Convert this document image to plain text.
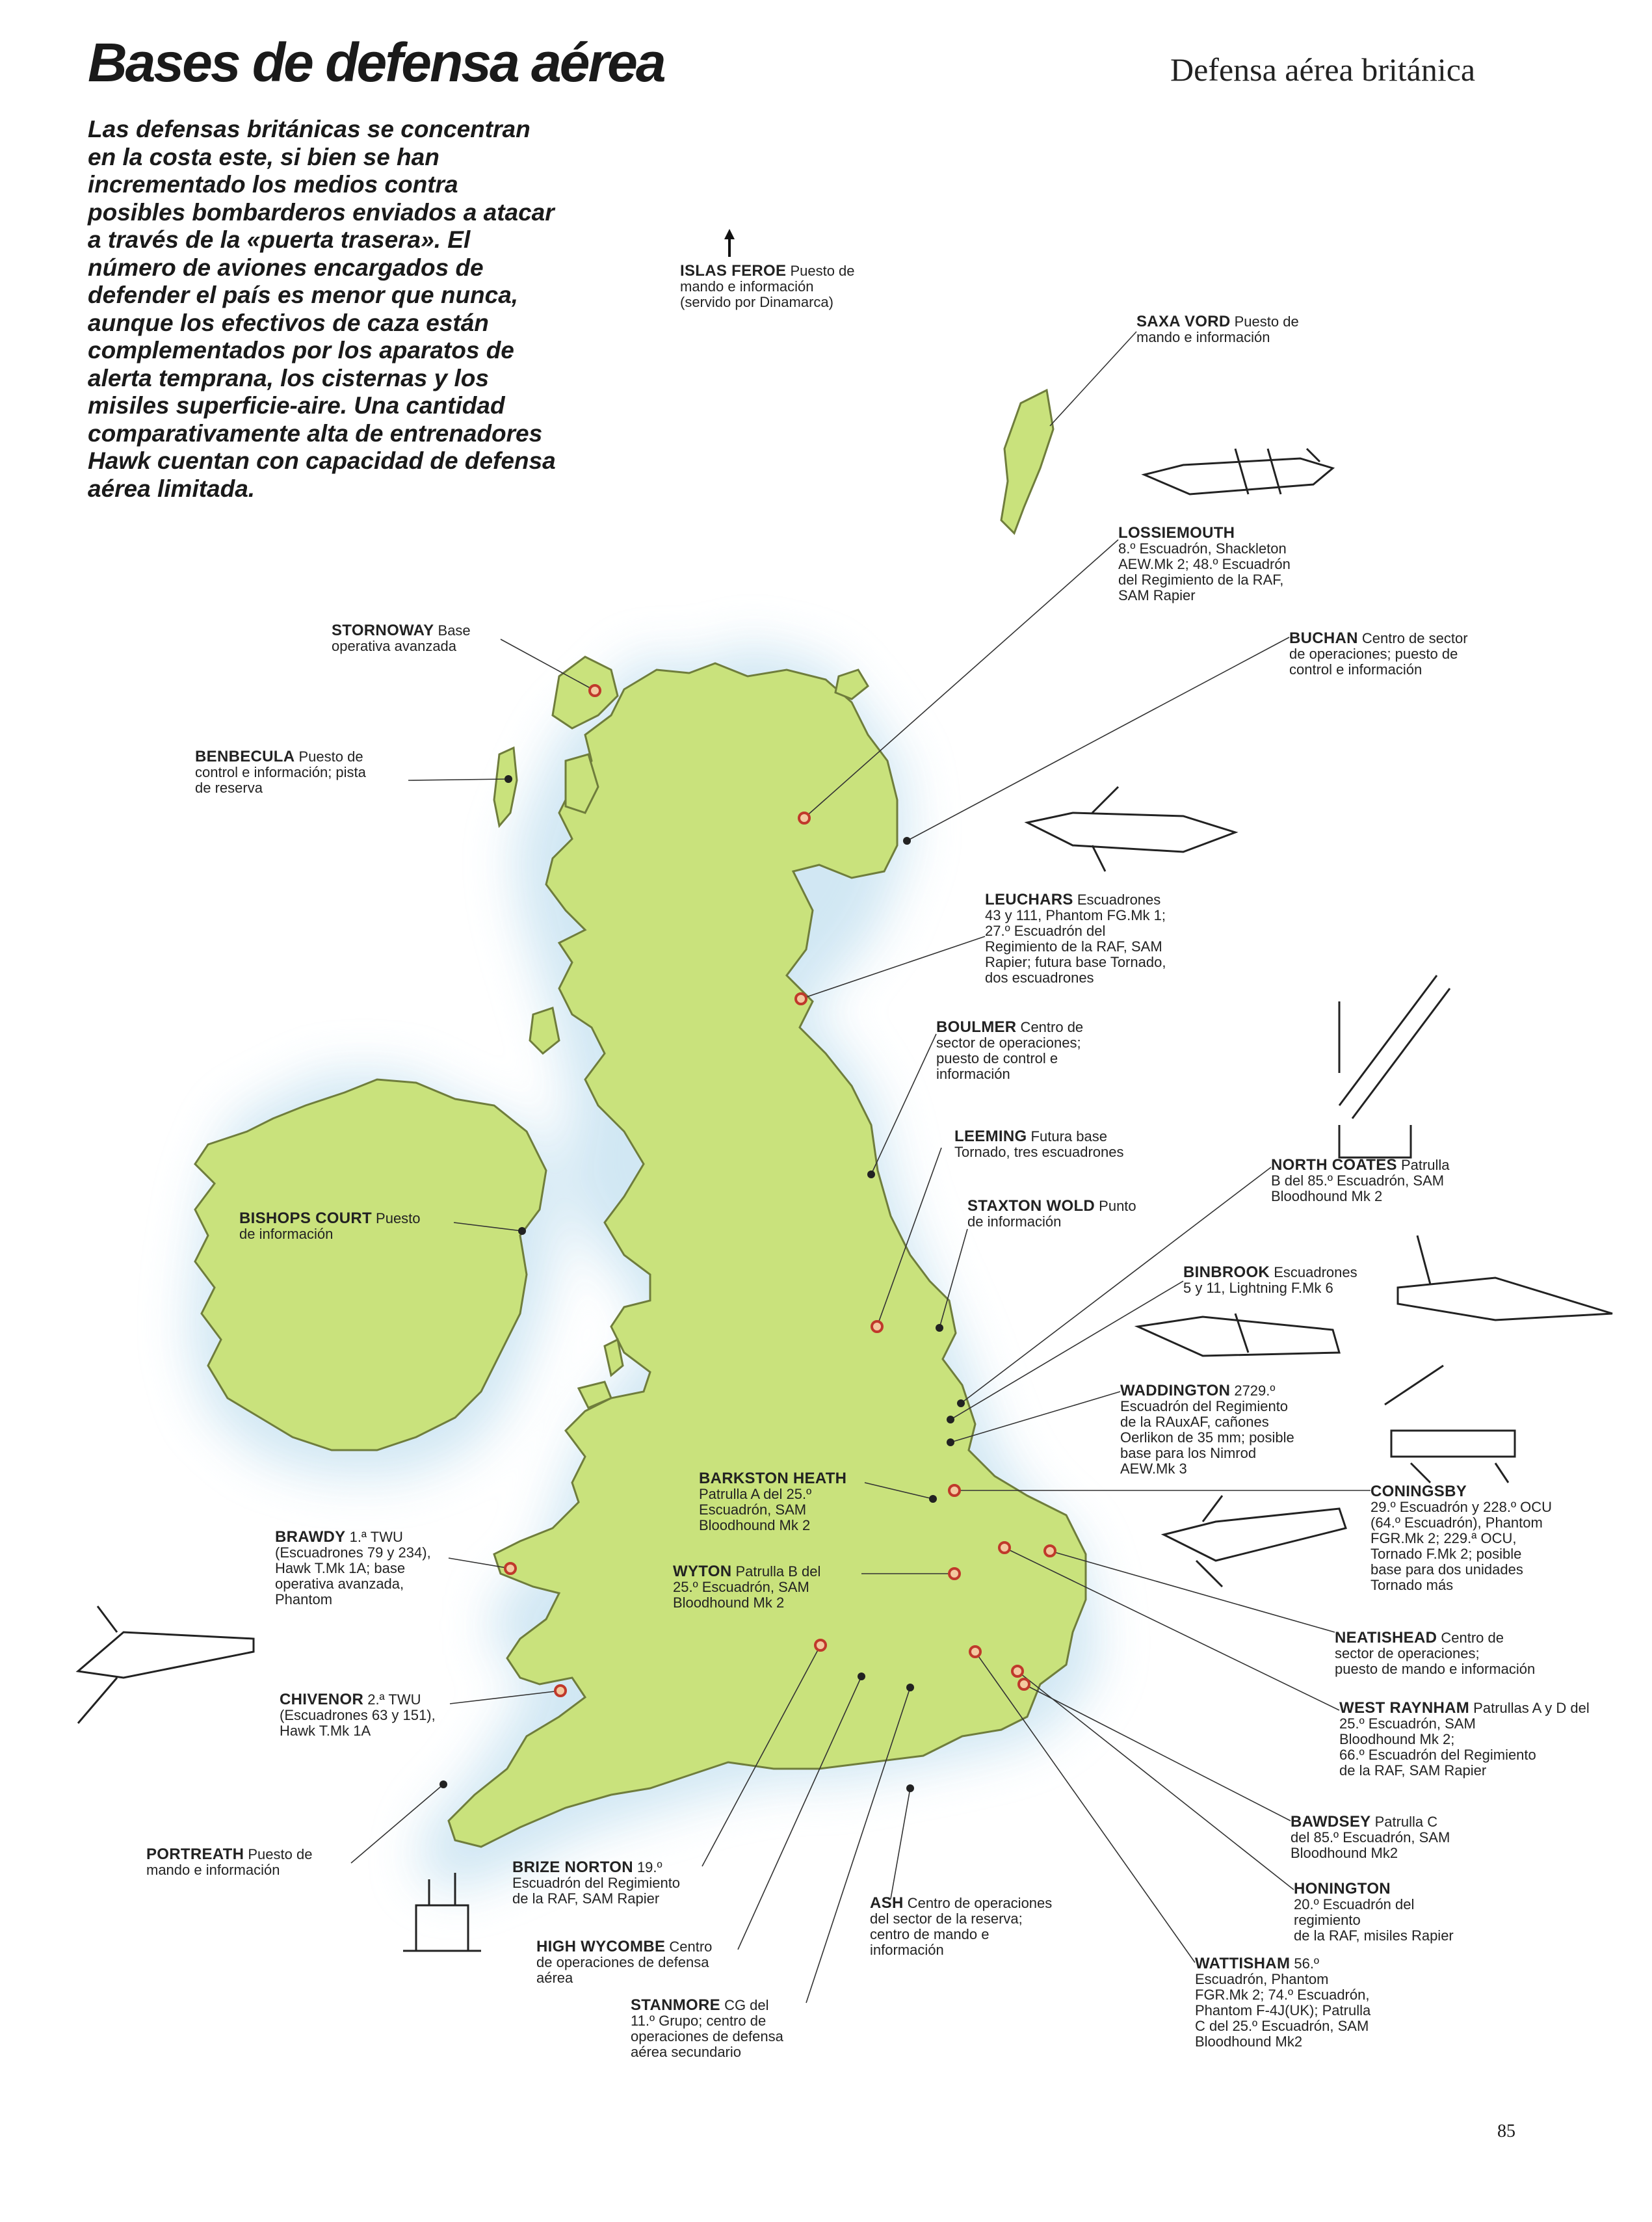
Bases de defensa aérea	Defensa aérea británica

Las defensas británicas se concentran en la costa este, si bien se han incrementado los medios contra posibles bombarderos enviados a atacar a través de la «puerta trasera». El número de aviones encargados de defender el país es menor que nunca, aunque los efectivos de caza están complementados por los aparatos de alerta temprana, los cisternas y los misiles superficie-aire. Una cantidad comparativamente alta de entrenadores Hawk cuentan con capacidad de defensa aérea limitada.

ISLAS FEROE Puesto de
mando e información
(servido por Dinamarca)
SAXA VORD Puesto de
mando e información
LOSSIEMOUTH
8.º Escuadrón, Shackleton
AEW.Mk 2; 48.º Escuadrón
del Regimiento de la RAF,
SAM Rapier
BUCHAN Centro de sector
de operaciones; puesto de
control e información
STORNOWAY Base
operativa avanzada
BENBECULA Puesto de
control e información; pista
de reserva
LEUCHARS Escuadrones
43 y 111, Phantom FG.Mk 1;
27.º Escuadrón del
Regimiento de la RAF, SAM
Rapier; futura base Tornado,
dos escuadrones
BOULMER Centro de
sector de operaciones;
puesto de control e
información
LEEMING Futura base
Tornado, tres escuadrones
STAXTON WOLD Punto
de información
NORTH COATES Patrulla
B del 85.º Escuadrón, SAM
Bloodhound Mk 2
BISHOPS COURT Puesto
de información
BINBROOK Escuadrones
5 y 11, Lightning F.Mk 6
WADDINGTON 2729.º
Escuadrón del Regimiento
de la RAuxAF, cañones
Oerlikon de 35 mm; posible
base para los Nimrod
AEW.Mk 3
BARKSTON HEATH
Patrulla A del 25.º
Escuadrón, SAM
Bloodhound Mk 2
CONINGSBY
29.º Escuadrón y 228.º OCU
(64.º Escuadrón), Phantom
FGR.Mk 2; 229.ª OCU,
Tornado F.Mk 2; posible
base para dos unidades
Tornado más
BRAWDY 1.ª TWU
(Escuadrones 79 y 234),
Hawk T.Mk 1A; base
operativa avanzada,
Phantom
WYTON Patrulla B del
25.º Escuadrón, SAM
Bloodhound Mk 2
NEATISHEAD Centro de
sector de operaciones;
puesto de mando e información
CHIVENOR 2.ª TWU
(Escuadrones 63 y 151),
Hawk T.Mk 1A
WEST RAYNHAM Patrullas A y D del
25.º Escuadrón, SAM
Bloodhound Mk 2;
66.º Escuadrón del Regimiento
de la RAF, SAM Rapier
BAWDSEY Patrulla C
del 85.º Escuadrón, SAM
Bloodhound Mk2
PORTREATH Puesto de
mando e información	BRIZE NORTON 19.º
Escuadrón del Regimiento
de la RAF, SAM Rapier	ASH Centro de operaciones
del sector de la reserva;
centro de mando e
información
HONINGTON
20.º Escuadrón del
regimiento
de la RAF, misiles Rapier
HIGH WYCOMBE Centro
de operaciones de defensa
aérea
WATTISHAM 56.º
Escuadrón, Phantom
FGR.Mk 2; 74.º Escuadrón,
Phantom F-4J(UK); Patrulla
C del 25.º Escuadrón, SAM
Bloodhound Mk2
STANMORE CG del
11.º Grupo; centro de
operaciones de defensa
aérea secundario
85
